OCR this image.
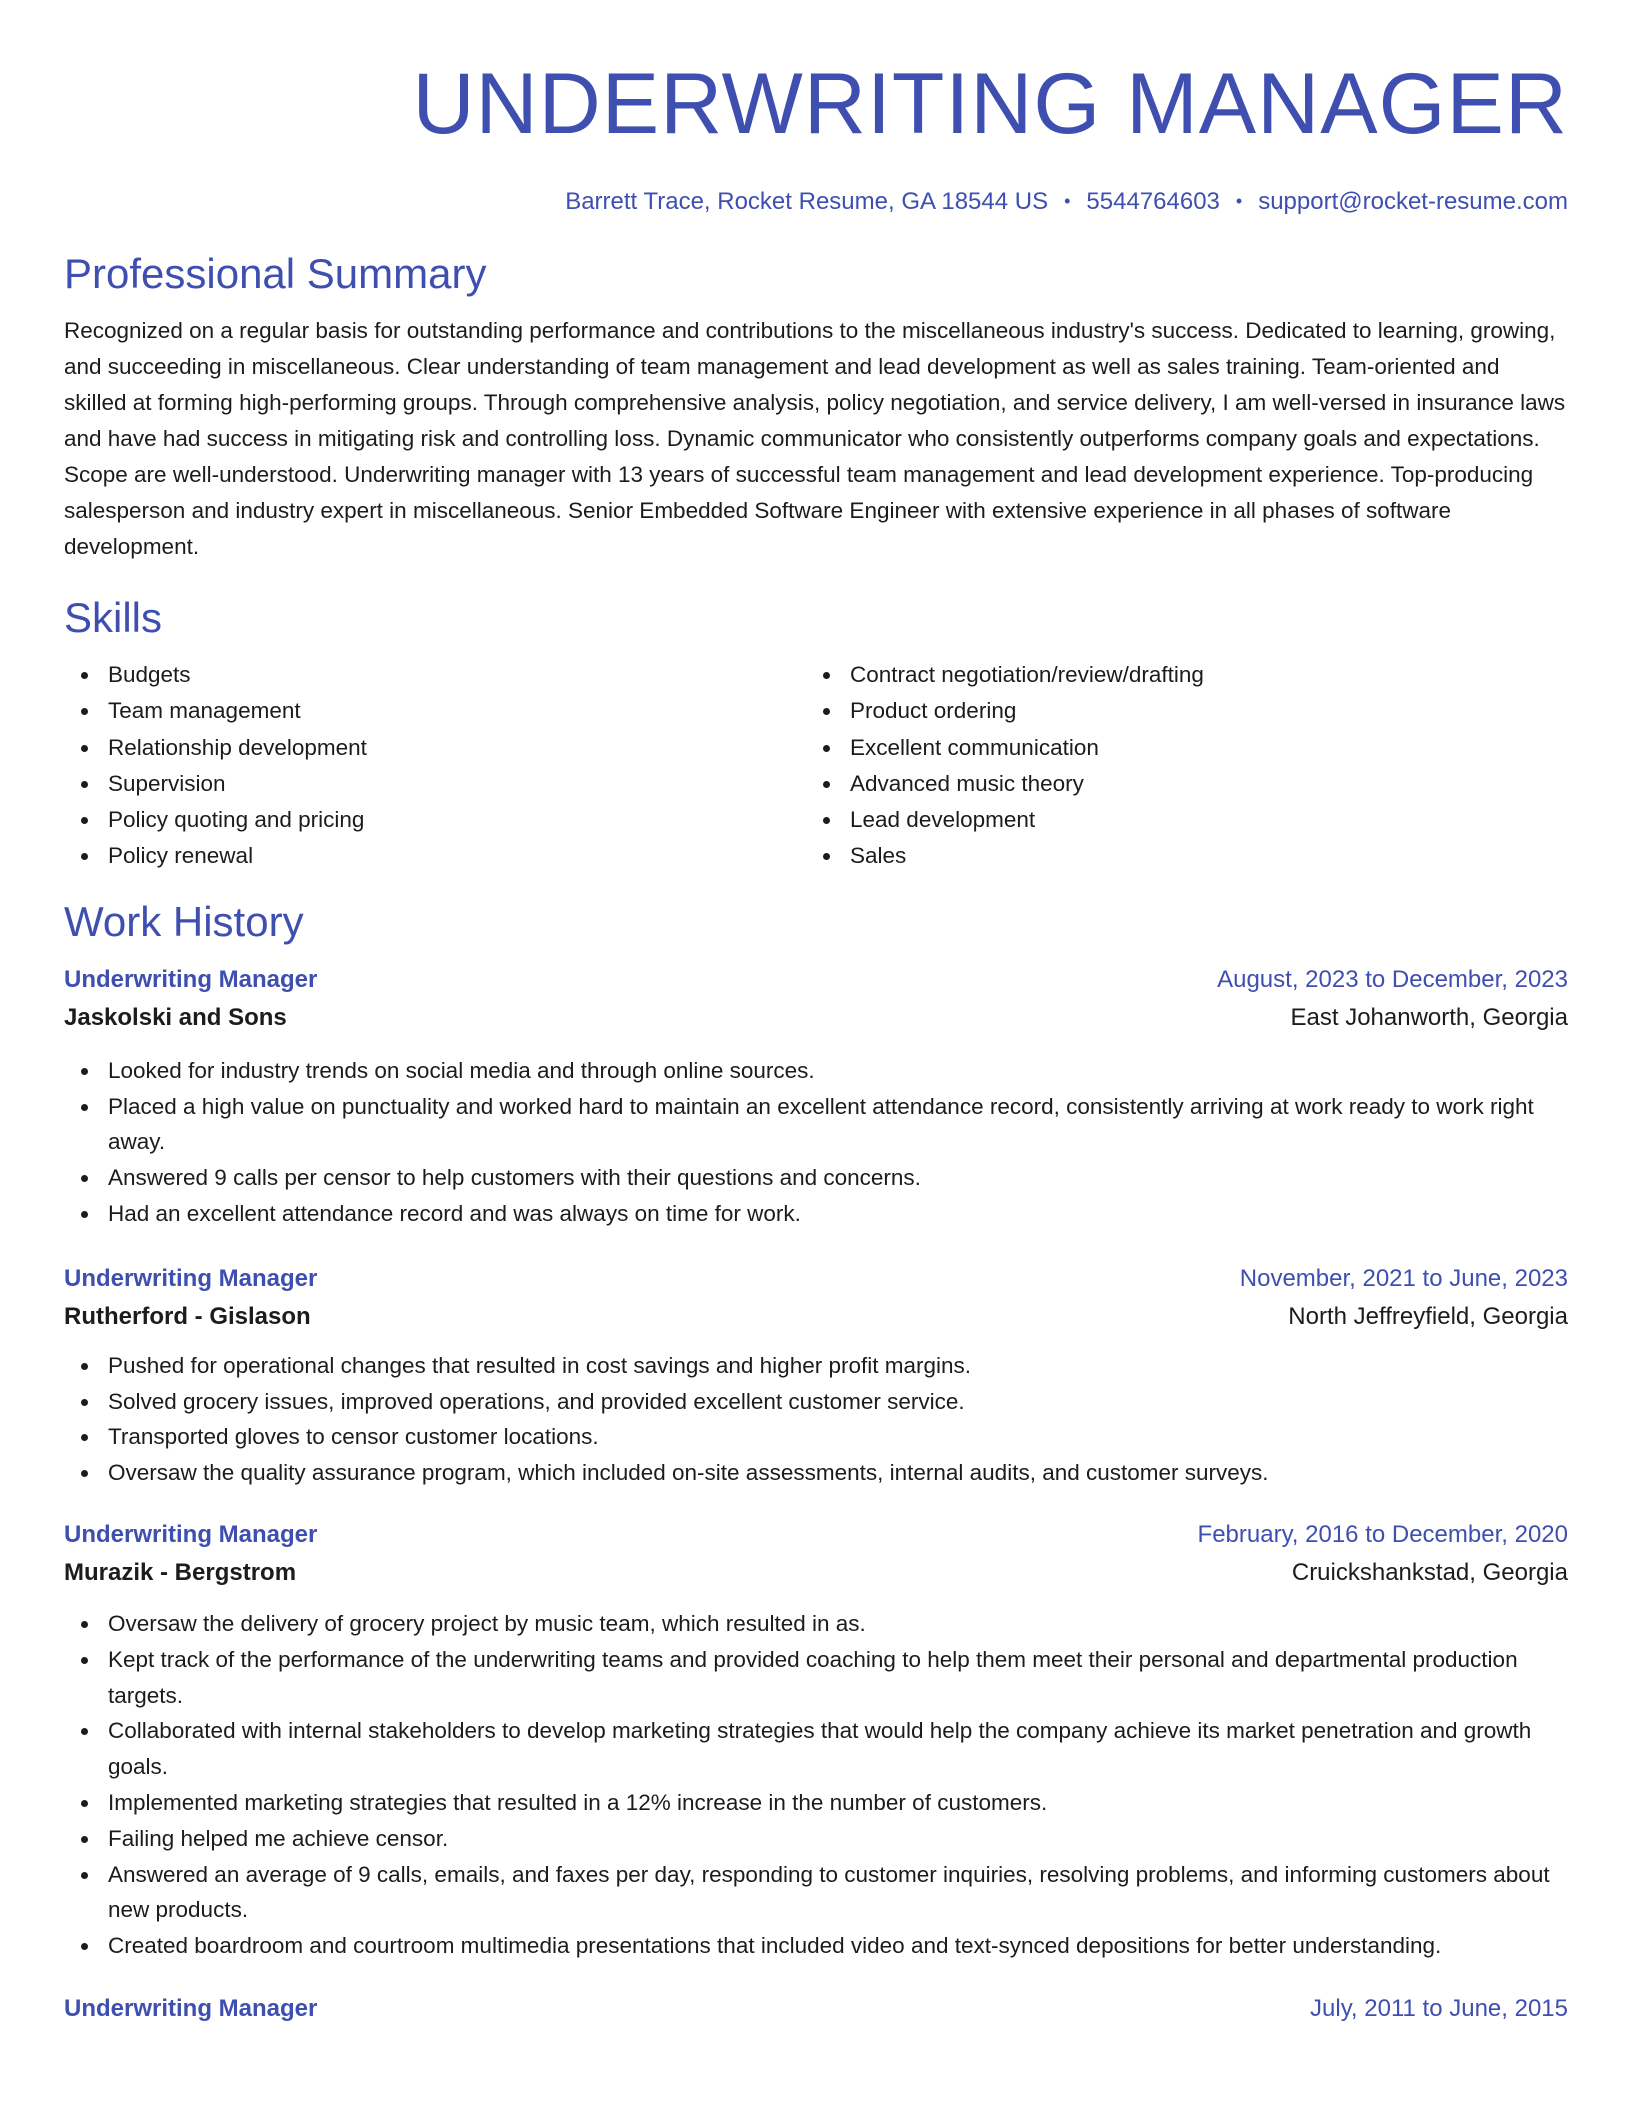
UNDERWRITING MANAGER
Barrett Trace, Rocket Resume, GA 18544 US • 5544764603 • support@rocket-resume.com
Professional Summary

Recognized on a regular basis for outstanding performance and contributions to the miscellaneous industry's success. Dedicated to learning, growing, and succeeding in miscellaneous. Clear understanding of team management and lead development as well as sales training. Team-oriented and skilled at forming high-performing groups. Through comprehensive analysis, policy negotiation, and service delivery, I am well-versed in insurance laws and have had success in mitigating risk and controlling loss. Dynamic communicator who consistently outperforms company goals and expectations. Scope are well-understood. Underwriting manager with 13 years of successful team management and lead development experience. Top-producing salesperson and industry expert in miscellaneous. Senior Embedded Software Engineer with extensive experience in all phases of software development.

Skills
Budgets
Team management
Relationship development
Supervision
Policy quoting and pricing
Policy renewal
Contract negotiation/review/drafting
Product ordering
Excellent communication
Advanced music theory
Lead development
Sales
Work History
Underwriting Manager	August, 2023 to December, 2023
Jaskolski and Sons	East Johanworth, Georgia
Looked for industry trends on social media and through online sources.
Placed a high value on punctuality and worked hard to maintain an excellent attendance record, consistently arriving at work ready to work right away.
Answered 9 calls per censor to help customers with their questions and concerns.
Had an excellent attendance record and was always on time for work.
Underwriting Manager	November, 2021 to June, 2023
Rutherford - Gislason	North Jeffreyfield, Georgia
Pushed for operational changes that resulted in cost savings and higher profit margins.
Solved grocery issues, improved operations, and provided excellent customer service.
Transported gloves to censor customer locations.
Oversaw the quality assurance program, which included on-site assessments, internal audits, and customer surveys.
Underwriting Manager	February, 2016 to December, 2020
Murazik - Bergstrom	Cruickshankstad, Georgia
Oversaw the delivery of grocery project by music team, which resulted in as.
Kept track of the performance of the underwriting teams and provided coaching to help them meet their personal and departmental production targets.
Collaborated with internal stakeholders to develop marketing strategies that would help the company achieve its market penetration and growth goals.
Implemented marketing strategies that resulted in a 12% increase in the number of customers.
Failing helped me achieve censor.
Answered an average of 9 calls, emails, and faxes per day, responding to customer inquiries, resolving problems, and informing customers about new products.
Created boardroom and courtroom multimedia presentations that included video and text-synced depositions for better understanding.
Underwriting Manager	July, 2011 to June, 2015
